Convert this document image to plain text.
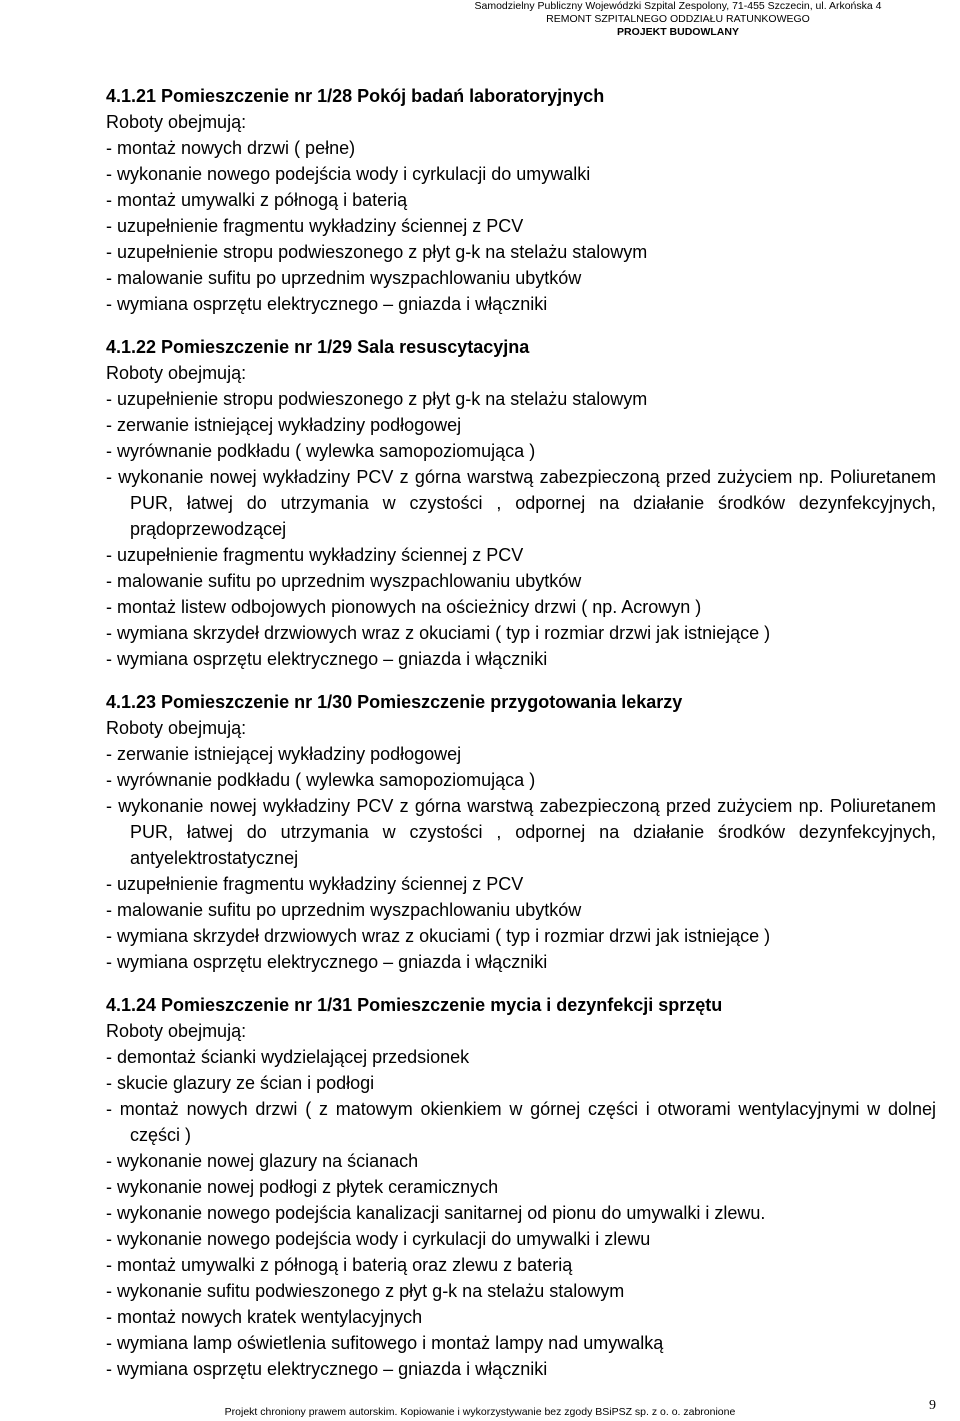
Samodzielny Publiczny Wojewódzki Szpital Zespolony, 71-455 Szczecin, ul. Arkońska 4
REMONT SZPITALNEGO ODDZIAŁU RATUNKOWEGO
PROJEKT BUDOWLANY
4.1.21 Pomieszczenie nr 1/28 Pokój badań laboratoryjnych
Roboty obejmują:
- montaż nowych drzwi ( pełne)
- wykonanie nowego podejścia wody i cyrkulacji do umywalki
- montaż umywalki z półnogą i baterią
- uzupełnienie fragmentu wykładziny ściennej z PCV
- uzupełnienie stropu podwieszonego z płyt g-k na stelażu stalowym
- malowanie sufitu po uprzednim wyszpachlowaniu ubytków
- wymiana osprzętu elektrycznego – gniazda i włączniki
4.1.22 Pomieszczenie nr 1/29 Sala resuscytacyjna
Roboty obejmują:
- uzupełnienie stropu podwieszonego z płyt g-k na stelażu stalowym
- zerwanie istniejącej wykładziny podłogowej
- wyrównanie podkładu ( wylewka samopoziomująca )
- wykonanie nowej wykładziny PCV z górna warstwą zabezpieczoną przed zużyciem np. Poliuretanem PUR, łatwej do utrzymania w czystości , odpornej na działanie środków dezynfekcyjnych, prądoprzewodzącej
- uzupełnienie fragmentu wykładziny ściennej z PCV
- malowanie sufitu po uprzednim wyszpachlowaniu ubytków
- montaż listew odbojowych pionowych na ościeżnicy drzwi ( np. Acrowyn )
- wymiana skrzydeł drzwiowych wraz z okuciami ( typ i rozmiar drzwi jak istniejące )
- wymiana osprzętu elektrycznego – gniazda i włączniki
4.1.23 Pomieszczenie nr 1/30 Pomieszczenie przygotowania lekarzy
Roboty obejmują:
- zerwanie istniejącej wykładziny podłogowej
- wyrównanie podkładu ( wylewka samopoziomująca )
- wykonanie nowej wykładziny PCV z górna warstwą zabezpieczoną przed zużyciem np. Poliuretanem PUR, łatwej do utrzymania w czystości , odpornej na działanie środków dezynfekcyjnych, antyelektrostatycznej
- uzupełnienie fragmentu wykładziny ściennej z PCV
- malowanie sufitu po uprzednim wyszpachlowaniu ubytków
- wymiana skrzydeł drzwiowych wraz z okuciami ( typ i rozmiar drzwi jak istniejące )
- wymiana osprzętu elektrycznego – gniazda i włączniki
4.1.24 Pomieszczenie nr 1/31 Pomieszczenie mycia i dezynfekcji sprzętu
Roboty obejmują:
- demontaż ścianki wydzielającej przedsionek
- skucie glazury ze ścian i podłogi
- montaż nowych drzwi ( z matowym okienkiem w górnej części i otworami wentylacyjnymi w dolnej części )
- wykonanie nowej glazury na ścianach
- wykonanie nowej podłogi z płytek ceramicznych
- wykonanie nowego podejścia kanalizacji sanitarnej od pionu do umywalki i zlewu.
- wykonanie nowego podejścia wody i cyrkulacji do umywalki i zlewu
- montaż umywalki z półnogą i baterią oraz zlewu z baterią
- wykonanie sufitu podwieszonego z płyt g-k na stelażu stalowym
- montaż nowych kratek wentylacyjnych
- wymiana lamp oświetlenia sufitowego i montaż lampy nad umywalką
- wymiana osprzętu elektrycznego – gniazda i włączniki
Projekt chroniony prawem autorskim. Kopiowanie i wykorzystywanie bez zgody BSiPSZ sp. z o. o. zabronione	9
